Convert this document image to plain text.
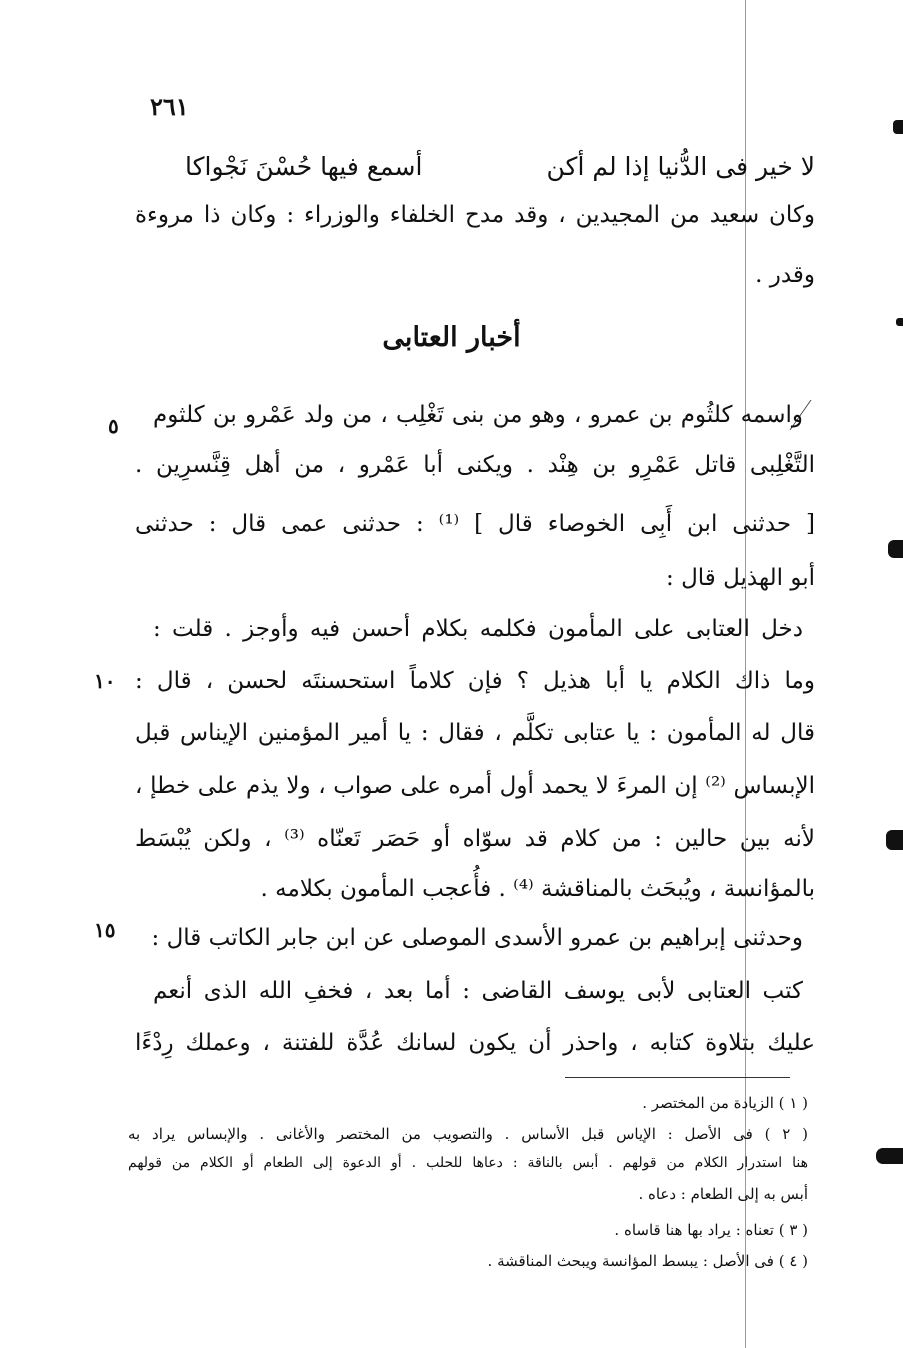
٢٦١
لا خير فى الدُّنيا إذا لم أكن
أسمع فيها حُسْنَ نَجْواكا
وكان سعيد من المجيدين ، وقد مدح الخلفاء والوزراء : وكان ذا مروءة
وقدر .
أخبار العتابى
واسمه كلثُوم بن عمرو ، وهو من بنى تَغْلِب ، من ولد عَمْرو بن كلثوم
التَّغْلِبى قاتل عَمْرِو بن هِنْد . ويكنى أبا عَمْرو ، من أهل قِنَّسرِين .
[ حدثنى ابن أَبِى الخوصاء قال ] ⁽¹⁾ : حدثنى عمى قال : حدثنى
أبو الهذيل قال :
دخل العتابى على المأمون فكلمه بكلام أحسن فيه وأوجز . قلت :
وما ذاك الكلام يا أبا هذيل ؟ فإن كلاماً استحسنتَه لحسن ، قال :
قال له المأمون : يا عتابى تكلَّم ، فقال : يا أمير المؤمنين الإيناس قبل
الإبساس ⁽²⁾ إن المرءَ لا يحمد أول أمره على صواب ، ولا يذم على خطإ ،
لأنه بين حالين : من كلام قد سوّاه أو حَصَر تَعنّاه ⁽³⁾ ، ولكن يُبْسَط
بالمؤانسة ، ويُبحَث بالمناقشة ⁽⁴⁾ . فأُعجب المأمون بكلامه .
وحدثنى إبراهيم بن عمرو الأسدى الموصلى عن ابن جابر الكاتب قال :
كتب العتابى لأبى يوسف القاضى : أما بعد ، فخفِ الله الذى أنعم
عليك بتلاوة كتابه ، واحذر أن يكون لسانك عُدَّة للفتنة ، وعملك رِدْءًا
٥
١٠
١٥
( ١ ) الزيادة من المختصر .
( ٢ ) فى الأصل : الإياس قبل الأساس . والتصويب من المختصر والأغانى . والإبساس يراد به
هنا استدرار الكلام من قولهم . أبس بالناقة : دعاها للحلب . أو الدعوة إلى الطعام أو الكلام من قولهم
أبس به إلى الطعام : دعاه .
( ٣ ) تعناه : يراد بها هنا قاساه .
( ٤ ) فى الأصل : يبسط المؤانسة ويبحث المناقشة .
